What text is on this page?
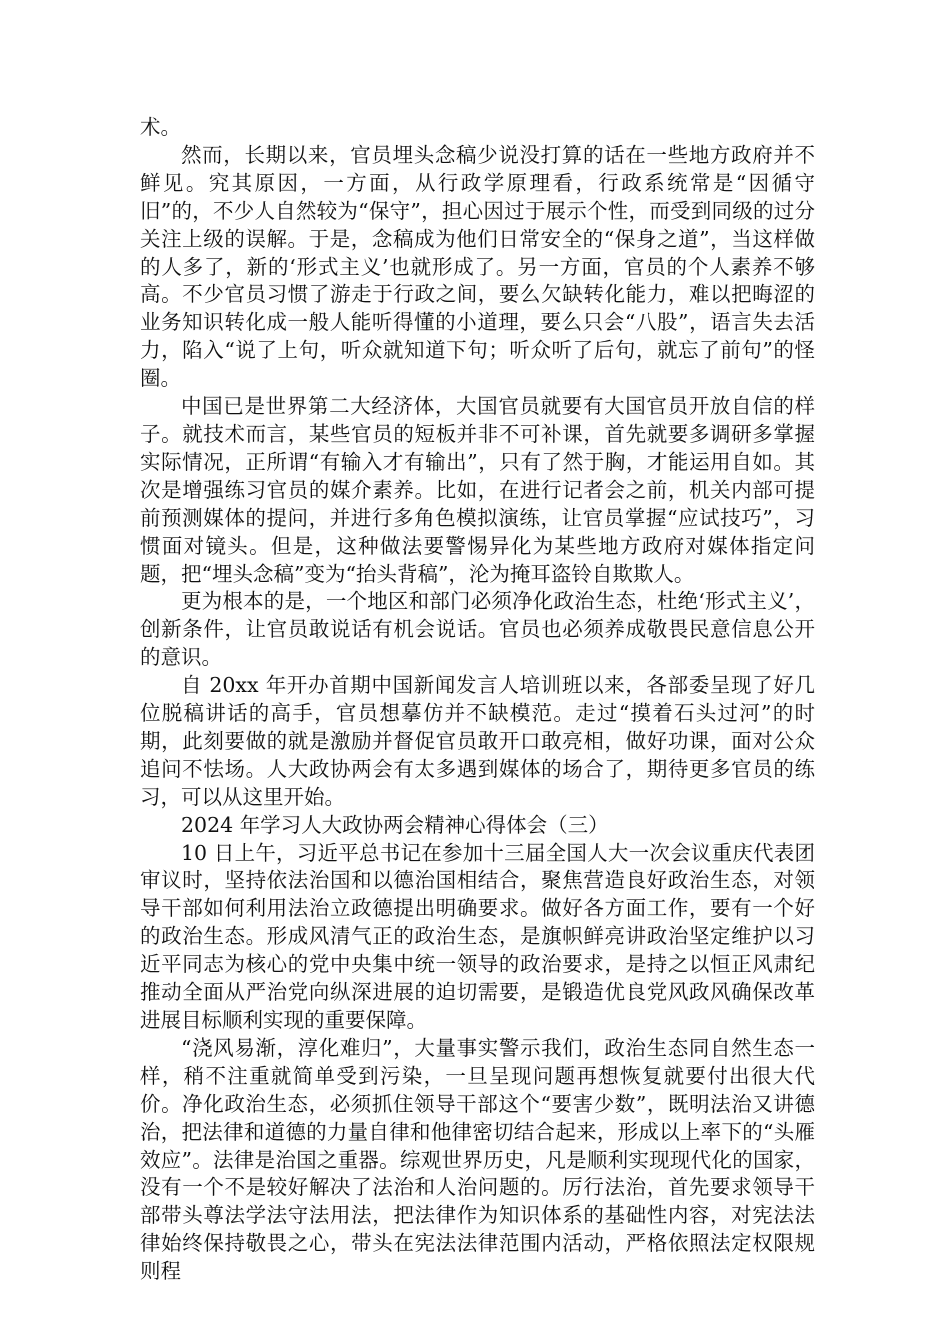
术。

然而，长期以来，官员埋头念稿少说没打算的话在一些地方政府并不鲜见。究其原因，一方面，从行政学原理看，行政系统常是“因循守旧”的，不少人自然较为“保守”，担心因过于展示个性，而受到同级的过分关注上级的误解。于是，念稿成为他们日常安全的“保身之道”，当这样做的人多了，新的‘形式主义’也就形成了。另一方面，官员的个人素养不够高。不少官员习惯了游走于行政之间，要么欠缺转化能力，难以把晦涩的业务知识转化成一般人能听得懂的小道理，要么只会“八股”，语言失去活力，陷入“说了上句，听众就知道下句；听众听了后句，就忘了前句”的怪圈。

中国已是世界第二大经济体，大国官员就要有大国官员开放自信的样子。就技术而言，某些官员的短板并非不可补课，首先就要多调研多掌握实际情况，正所谓“有输入才有输出”，只有了然于胸，才能运用自如。其次是增强练习官员的媒介素养。比如，在进行记者会之前，机关内部可提前预测媒体的提问，并进行多角色模拟演练，让官员掌握“应试技巧”，习惯面对镜头。但是，这种做法要警惕异化为某些地方政府对媒体指定问题，把“埋头念稿”变为“抬头背稿”，沦为掩耳盗铃自欺欺人。

更为根本的是，一个地区和部门必须净化政治生态，杜绝‘形式主义’，创新条件，让官员敢说话有机会说话。官员也必须养成敬畏民意信息公开的意识。

自 20xx 年开办首期中国新闻发言人培训班以来，各部委呈现了好几位脱稿讲话的高手，官员想摹仿并不缺模范。走过“摸着石头过河”的时期，此刻要做的就是激励并督促官员敢开口敢亮相，做好功课，面对公众追问不怯场。人大政协两会有太多遇到媒体的场合了，期待更多官员的练习，可以从这里开始。

2024 年学习人大政协两会精神心得体会（三）

10 日上午，习近平总书记在参加十三届全国人大一次会议重庆代表团审议时，坚持依法治国和以德治国相结合，聚焦营造良好政治生态，对领导干部如何利用法治立政德提出明确要求。做好各方面工作，要有一个好的政治生态。形成风清气正的政治生态，是旗帜鲜亮讲政治坚定维护以习近平同志为核心的党中央集中统一领导的政治要求，是持之以恒正风肃纪推动全面从严治党向纵深进展的迫切需要，是锻造优良党风政风确保改革进展目标顺利实现的重要保障。

“浇风易渐，淳化难归”，大量事实警示我们，政治生态同自然生态一样，稍不注重就简单受到污染，一旦呈现问题再想恢复就要付出很大代价。净化政治生态，必须抓住领导干部这个“要害少数”，既明法治又讲德治，把法律和道德的力量自律和他律密切结合起来，形成以上率下的“头雁效应”。法律是治国之重器。综观世界历史，凡是顺利实现现代化的国家，没有一个不是较好解决了法治和人治问题的。厉行法治，首先要求领导干部带头尊法学法守法用法，把法律作为知识体系的基础性内容，对宪法法律始终保持敬畏之心，带头在宪法法律范围内活动，严格依照法定权限规则程
